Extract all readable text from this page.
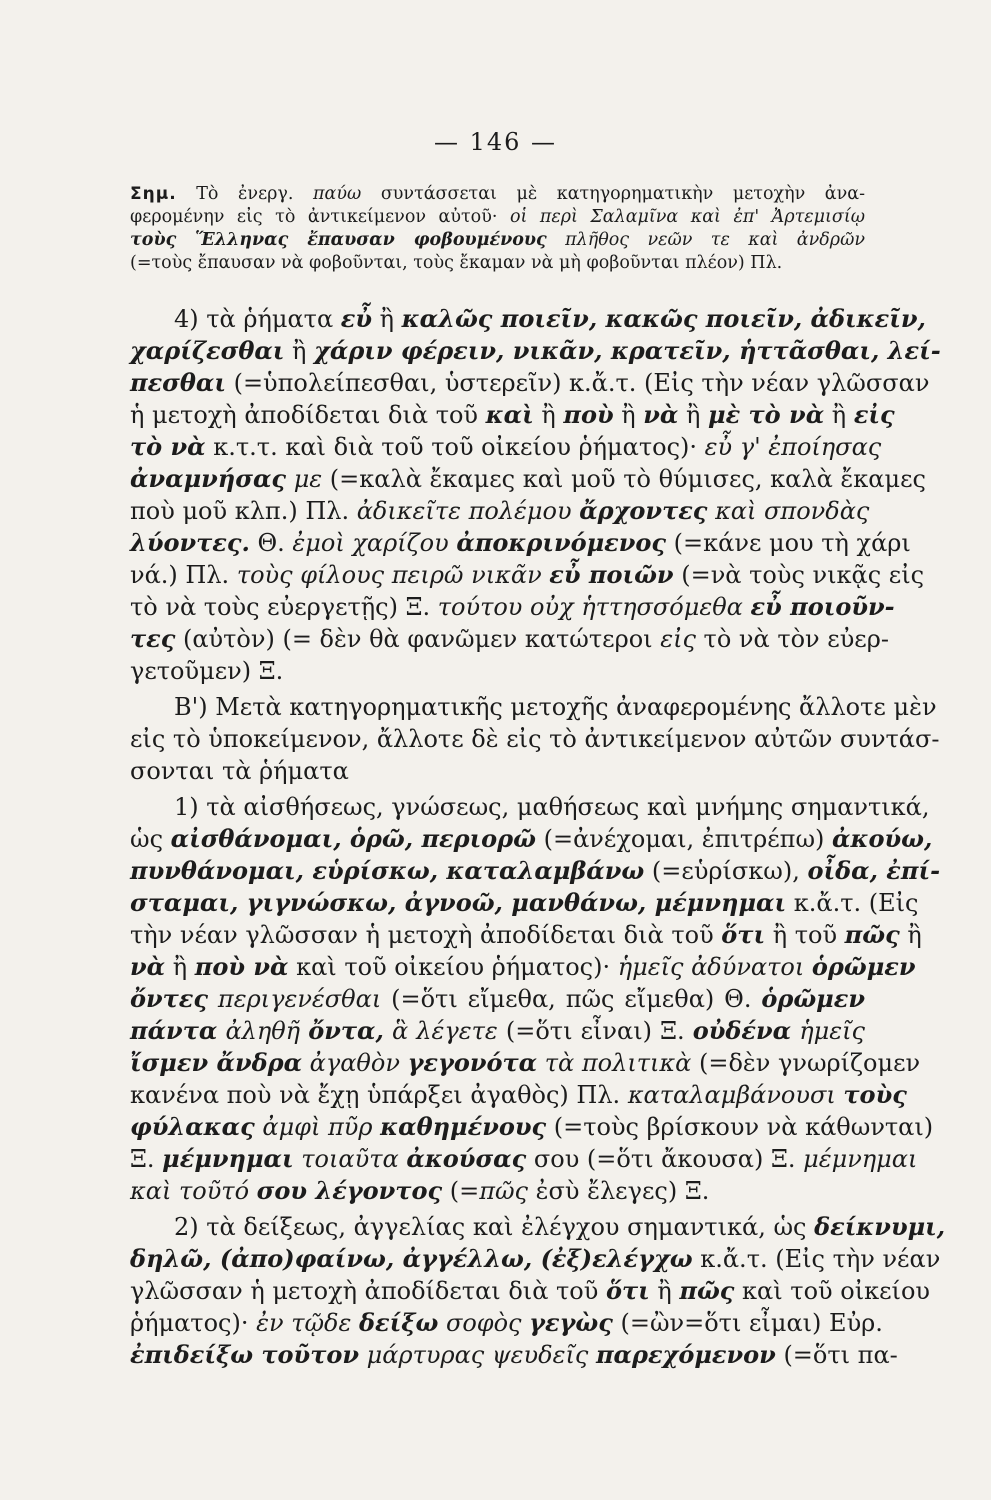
— 146 —
Σημ. Τὸ ἐνεργ. παύω συντάσσεται μὲ κατηγορηματικὴν μετοχὴν ἀνα-
φερομένην εἰς τὸ ἀντικείμενον αὐτοῦ· οἱ περὶ Σαλαμῖνα καὶ ἐπ' Ἀρτεμισίῳ
τοὺς Ἕλληνας ἔπαυσαν φοβουμένους πλῆθος νεῶν τε καὶ ἀνδρῶν
(=τοὺς ἔπαυσαν νὰ φοβοῦνται, τοὺς ἔκαμαν νὰ μὴ φοβοῦνται πλέον) Πλ.
4) τὰ ῥήματα εὖ ἢ καλῶς ποιεῖν, κακῶς ποιεῖν, ἀδικεῖν,
χαρίζεσθαι ἢ χάριν φέρειν, νικᾶν, κρατεῖν, ἡττᾶσθαι, λεί-
πεσθαι (=ὑπολείπεσθαι, ὑστερεῖν) κ.ἄ.τ. (Εἰς τὴν νέαν γλῶσσαν
ἡ μετοχὴ ἀποδίδεται διὰ τοῦ καὶ ἢ ποὺ ἢ νὰ ἢ μὲ τὸ νὰ ἢ εἰς
τὸ νὰ κ.τ.τ. καὶ διὰ τοῦ τοῦ οἰκείου ῥήματος)· εὖ γ' ἐποίησας
ἀναμνήσας με (=καλὰ ἔκαμες καὶ μοῦ τὸ θύμισες, καλὰ ἔκαμες
ποὺ μοῦ κλπ.) Πλ. ἀδικεῖτε πολέμου ἄρχοντες καὶ σπονδὰς
λύοντες. Θ. ἐμοὶ χαρίζου ἀποκρινόμενος (=κάνε μου τὴ χάρι
νά.) Πλ. τοὺς φίλους πειρῶ νικᾶν εὖ ποιῶν (=νὰ τοὺς νικᾷς εἰς
τὸ νὰ τοὺς εὐεργετῇς) Ξ. τούτου οὐχ ἡττησσόμεθα εὖ ποιοῦν-
τες (αὐτὸν) (= δὲν θὰ φανῶμεν κατώτεροι εἰς τὸ νὰ τὸν εὐερ-
γετοῦμεν) Ξ.
Β') Μετὰ κατηγορηματικῆς μετοχῆς ἀναφερομένης ἄλλοτε μὲν
εἰς τὸ ὑποκείμενον, ἄλλοτε δὲ εἰς τὸ ἀντικείμενον αὐτῶν συντάσ-
σονται τὰ ῥήματα
1) τὰ αἰσθήσεως, γνώσεως, μαθήσεως καὶ μνήμης σημαντικά,
ὡς αἰσθάνομαι, ὁρῶ, περιορῶ (=ἀνέχομαι, ἐπιτρέπω) ἀκούω,
πυνθάνομαι, εὑρίσκω, καταλαμβάνω (=εὑρίσκω), οἶδα, ἐπί-
σταμαι, γιγνώσκω, ἀγνοῶ, μανθάνω, μέμνημαι κ.ἄ.τ. (Εἰς
τὴν νέαν γλῶσσαν ἡ μετοχὴ ἀποδίδεται διὰ τοῦ ὅτι ἢ τοῦ πῶς ἢ
νὰ ἢ ποὺ νὰ καὶ τοῦ οἰκείου ῥήματος)· ἡμεῖς ἀδύνατοι ὁρῶμεν
ὄντες περιγενέσθαι (=ὅτι εἴμεθα, πῶς εἴμεθα) Θ. ὁρῶμεν
πάντα ἀληθῆ ὄντα, ἃ λέγετε (=ὅτι εἶναι) Ξ. οὐδένα ἡμεῖς
ἴσμεν ἄνδρα ἀγαθὸν γεγονότα τὰ πολιτικὰ (=δὲν γνωρίζομεν
κανένα ποὺ νὰ ἔχῃ ὑπάρξει ἀγαθὸς) Πλ. καταλαμβάνουσι τοὺς
φύλακας ἀμφὶ πῦρ καθημένους (=τοὺς βρίσκουν νὰ κάθωνται)
Ξ. μέμνημαι τοιαῦτα ἀκούσας σου (=ὅτι ἄκουσα) Ξ. μέμνημαι
καὶ τοῦτό σου λέγοντος (=πῶς ἐσὺ ἔλεγες) Ξ.
2) τὰ δείξεως, ἀγγελίας καὶ ἐλέγχου σημαντικά, ὡς δείκνυμι,
δηλῶ, (ἀπο)φαίνω, ἀγγέλλω, (ἐξ)ελέγχω κ.ἄ.τ. (Εἰς τὴν νέαν
γλῶσσαν ἡ μετοχὴ ἀποδίδεται διὰ τοῦ ὅτι ἢ πῶς καὶ τοῦ οἰκείου
ῥήματος)· ἐν τῷδε δείξω σοφὸς γεγὼς (=ὢν=ὅτι εἶμαι) Εὐρ.
ἐπιδείξω τοῦτον μάρτυρας ψευδεῖς παρεχόμενον (=ὅτι πα-
